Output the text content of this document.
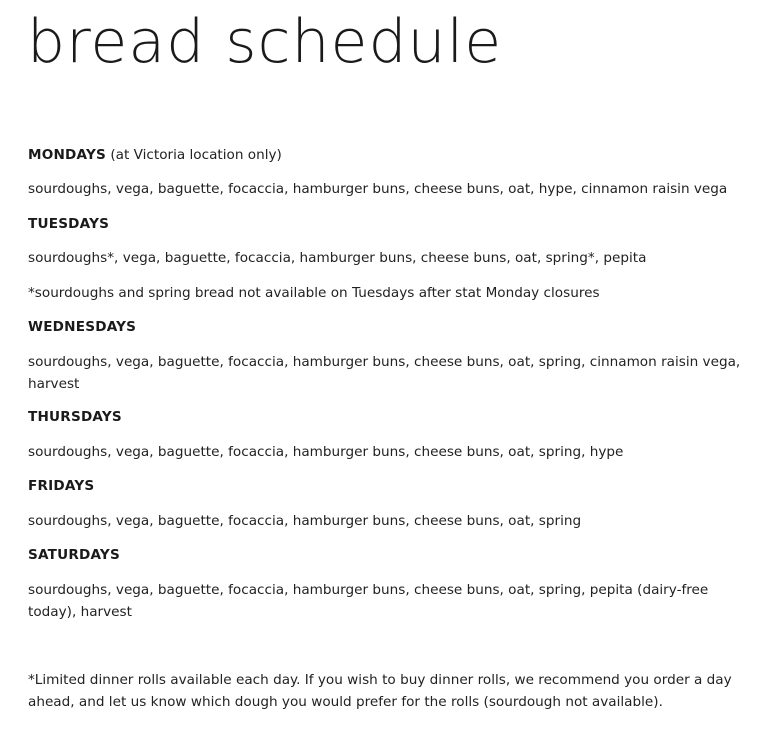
bread schedule

MONDAYS (at Victoria location only)

sourdoughs, vega, baguette, focaccia, hamburger buns, cheese buns, oat, hype, cinnamon raisin vega

TUESDAYS

sourdoughs*, vega, baguette, focaccia, hamburger buns, cheese buns, oat, spring*, pepita

*sourdoughs and spring bread not available on Tuesdays after stat Monday closures

WEDNESDAYS

sourdoughs, vega, baguette, focaccia, hamburger buns, cheese buns, oat, spring, cinnamon raisin vega, harvest

THURSDAYS

sourdoughs, vega, baguette, focaccia, hamburger buns, cheese buns, oat, spring, hype

FRIDAYS

sourdoughs, vega, baguette, focaccia, hamburger buns, cheese buns, oat, spring

SATURDAYS

sourdoughs, vega, baguette, focaccia, hamburger buns, cheese buns, oat, spring, pepita (dairy-free today), harvest

*Limited dinner rolls available each day. If you wish to buy dinner rolls, we recommend you order a day ahead, and let us know which dough you would prefer for the rolls (sourdough not available).
